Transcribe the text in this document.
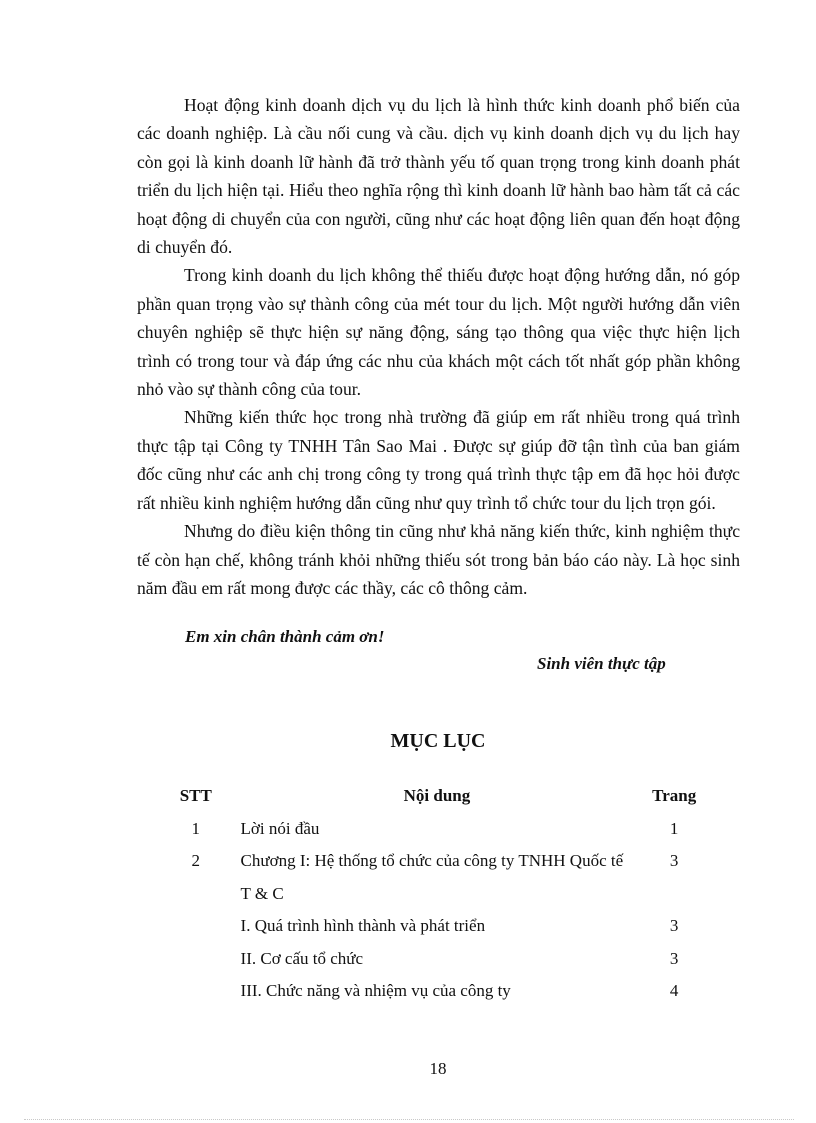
Hoạt động kinh doanh dịch vụ du lịch là hình thức kinh doanh phổ biến của các doanh nghiệp. Là cầu nối cung và cầu. dịch vụ kinh doanh dịch vụ du lịch hay còn gọi là kinh doanh lữ hành đã trở thành yếu tố quan trọng trong kinh doanh phát triển du lịch hiện tại. Hiểu theo nghĩa rộng thì kinh doanh lữ hành bao hàm tất cả các hoạt động di chuyển của con người, cũng như các hoạt động liên quan đến hoạt động di chuyển đó.

Trong kinh doanh du lịch không thể thiếu được hoạt động hướng dẫn, nó góp phần quan trọng vào sự thành công của mét tour du lịch. Một người hướng dẫn viên chuyên nghiệp sẽ thực hiện sự năng động, sáng tạo thông qua việc thực hiện lịch trình có trong tour và đáp ứng các nhu của khách một cách tốt nhất góp phần không nhỏ vào sự thành công của tour.

Những kiến thức học trong nhà trường đã giúp em rất nhiều trong quá trình thực tập tại Công ty TNHH Tân Sao Mai . Được sự giúp đỡ tận tình của ban giám đốc cũng như các anh chị trong công ty trong quá trình thực tập em đã học hỏi được rất nhiều kinh nghiệm hướng dẫn cũng như quy trình tổ chức tour du lịch trọn gói.

Nhưng do điều kiện thông tin cũng như khả năng kiến thức, kinh nghiệm thực tế còn hạn chế, không tránh khỏi những thiếu sót trong bản báo cáo này. Là học sinh năm đầu em rất mong được các thầy, các cô thông cảm.

Em xin chân thành cảm ơn!
Sinh viên thực tập
MỤC LỤC
STT	Nội dung	Trang
1	Lời nói đầu	1
2	Chương I: Hệ thống tổ chức của công ty TNHH Quốc tế T & C	3
	I. Quá trình hình thành và phát triển	3
	II. Cơ cấu tổ chức	3
	III. Chức năng và nhiệm vụ của công ty	4
18
